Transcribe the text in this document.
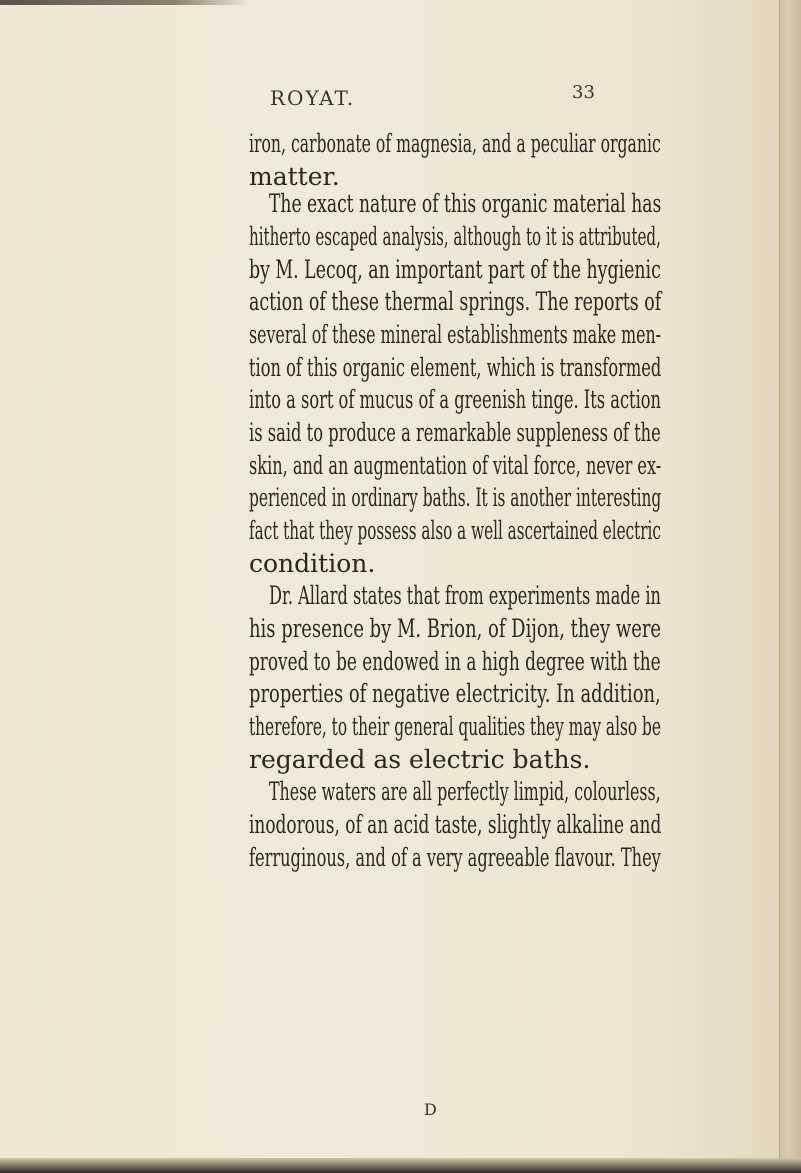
ROYAT.	33
iron, carbonate of magnesia, and a peculiar organic
matter.
The exact nature of this organic material has
hitherto escaped analysis, although to it is attributed,
by M. Lecoq, an important part of the hygienic
action of these thermal springs. The reports of
several of these mineral establishments make men-
tion of this organic element, which is transformed
into a sort of mucus of a greenish tinge. Its action
is said to produce a remarkable suppleness of the
skin, and an augmentation of vital force, never ex-
perienced in ordinary baths. It is another interesting
fact that they possess also a well ascertained electric
condition.
Dr. Allard states that from experiments made in
his presence by M. Brion, of Dijon, they were
proved to be endowed in a high degree with the
properties of negative electricity. In addition,
therefore, to their general qualities they may also be
regarded as electric baths.
These waters are all perfectly limpid, colourless,
inodorous, of an acid taste, slightly alkaline and
ferruginous, and of a very agreeable flavour. They
D
